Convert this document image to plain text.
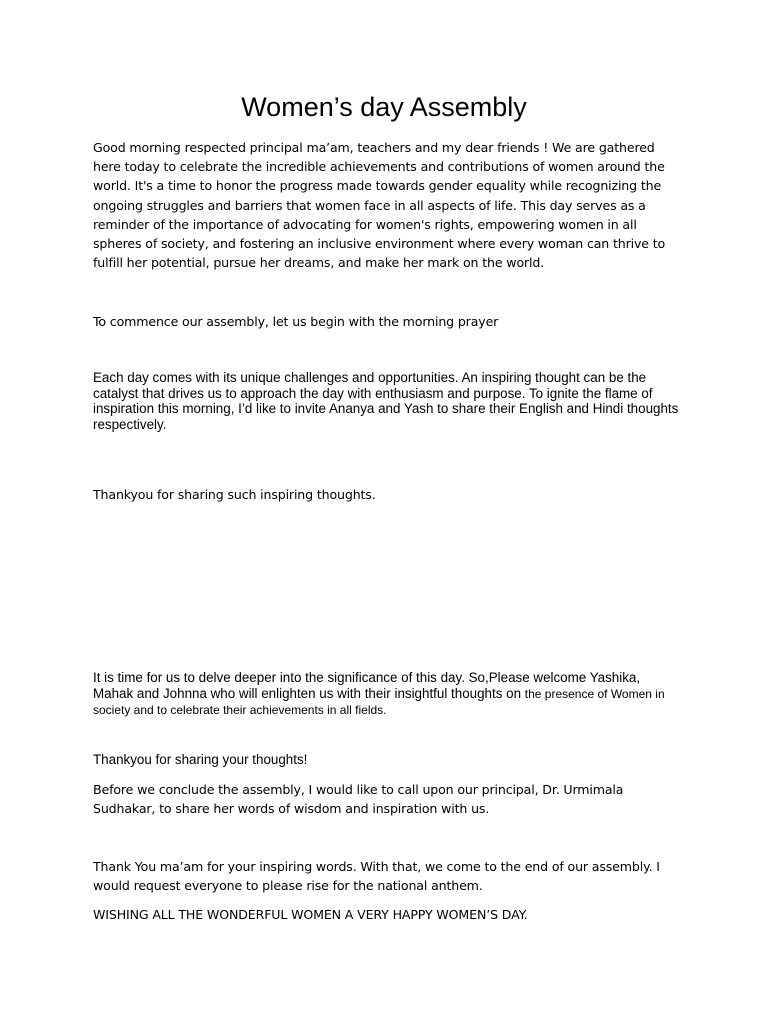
Women’s day Assembly

Good morning respected principal ma’am, teachers and my dear friends ! We are gathered here today to celebrate the incredible achievements and contributions of women around the world. It's a time to honor the progress made towards gender equality while recognizing the ongoing struggles and barriers that women face in all aspects of life. This day serves as a reminder of the importance of advocating for women's rights, empowering women in all spheres of society, and fostering an inclusive environment where every woman can thrive to fulfill her potential, pursue her dreams, and make her mark on the world.

To commence our assembly, let us begin with the morning prayer

Each day comes with its unique challenges and opportunities. An inspiring thought can be the catalyst that drives us to approach the day with enthusiasm and purpose. To ignite the flame of inspiration this morning, I’d like to invite Ananya and Yash to share their English and Hindi thoughts respectively.

Thankyou for sharing such inspiring thoughts.

It is time for us to delve deeper into the significance of this day. So,Please welcome Yashika, Mahak and Johnna who will enlighten us with their insightful thoughts on the presence of Women in society and to celebrate their achievements in all fields.

Thankyou for sharing your thoughts!

Before we conclude the assembly, I would like to call upon our principal, Dr. Urmimala Sudhakar, to share her words of wisdom and inspiration with us.

Thank You ma’am for your inspiring words. With that, we come to the end of our assembly. I would request everyone to please rise for the national anthem.

WISHING ALL THE WONDERFUL WOMEN A VERY HAPPY WOMEN’S DAY.
